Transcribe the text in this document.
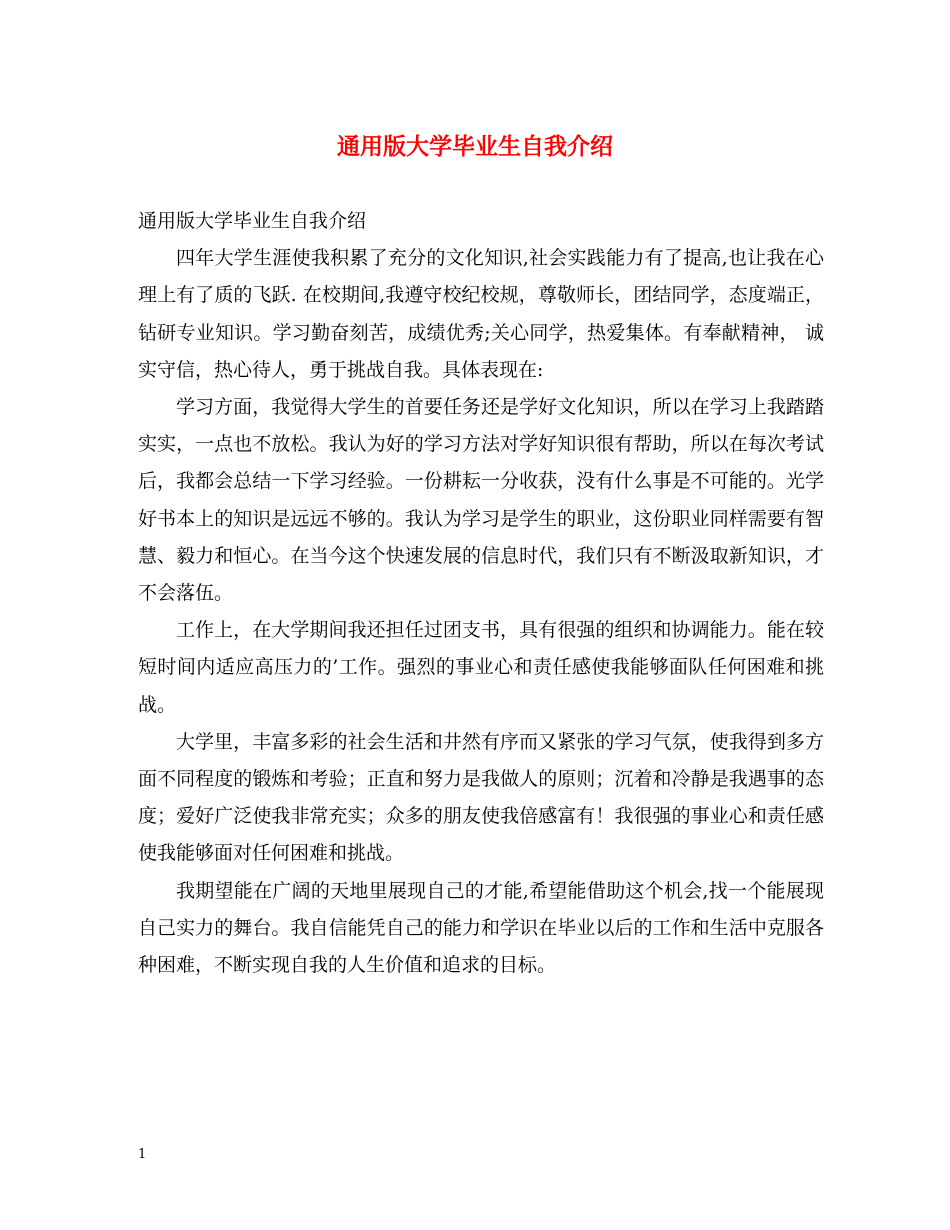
通用版大学毕业生自我介绍

通用版大学毕业生自我介绍

四年大学生涯使我积累了充分的文化知识,社会实践能力有了提高,也让我在心理上有了质的飞跃. 在校期间,我遵守校纪校规，尊敬师长，团结同学，态度端正，钻研专业知识。学习勤奋刻苦，成绩优秀;关心同学，热爱集体。有奉献精神， 诚实守信，热心待人，勇于挑战自我。具体表现在:

学习方面，我觉得大学生的首要任务还是学好文化知识，所以在学习上我踏踏实实，一点也不放松。我认为好的学习方法对学好知识很有帮助，所以在每次考试后，我都会总结一下学习经验。一份耕耘一分收获，没有什么事是不可能的。光学好书本上的知识是远远不够的。我认为学习是学生的职业，这份职业同样需要有智慧、毅力和恒心。在当今这个快速发展的信息时代，我们只有不断汲取新知识，才不会落伍。

工作上，在大学期间我还担任过团支书，具有很强的组织和协调能力。能在较短时间内适应高压力的’工作。强烈的事业心和责任感使我能够面队任何困难和挑战。

大学里，丰富多彩的社会生活和井然有序而又紧张的学习气氛，使我得到多方面不同程度的锻炼和考验；正直和努力是我做人的原则；沉着和冷静是我遇事的态度；爱好广泛使我非常充实；众多的朋友使我倍感富有！我很强的事业心和责任感使我能够面对任何困难和挑战。

我期望能在广阔的天地里展现自己的才能,希望能借助这个机会,找一个能展现自己实力的舞台。我自信能凭自己的能力和学识在毕业以后的工作和生活中克服各种困难，不断实现自我的人生价值和追求的目标。

1
